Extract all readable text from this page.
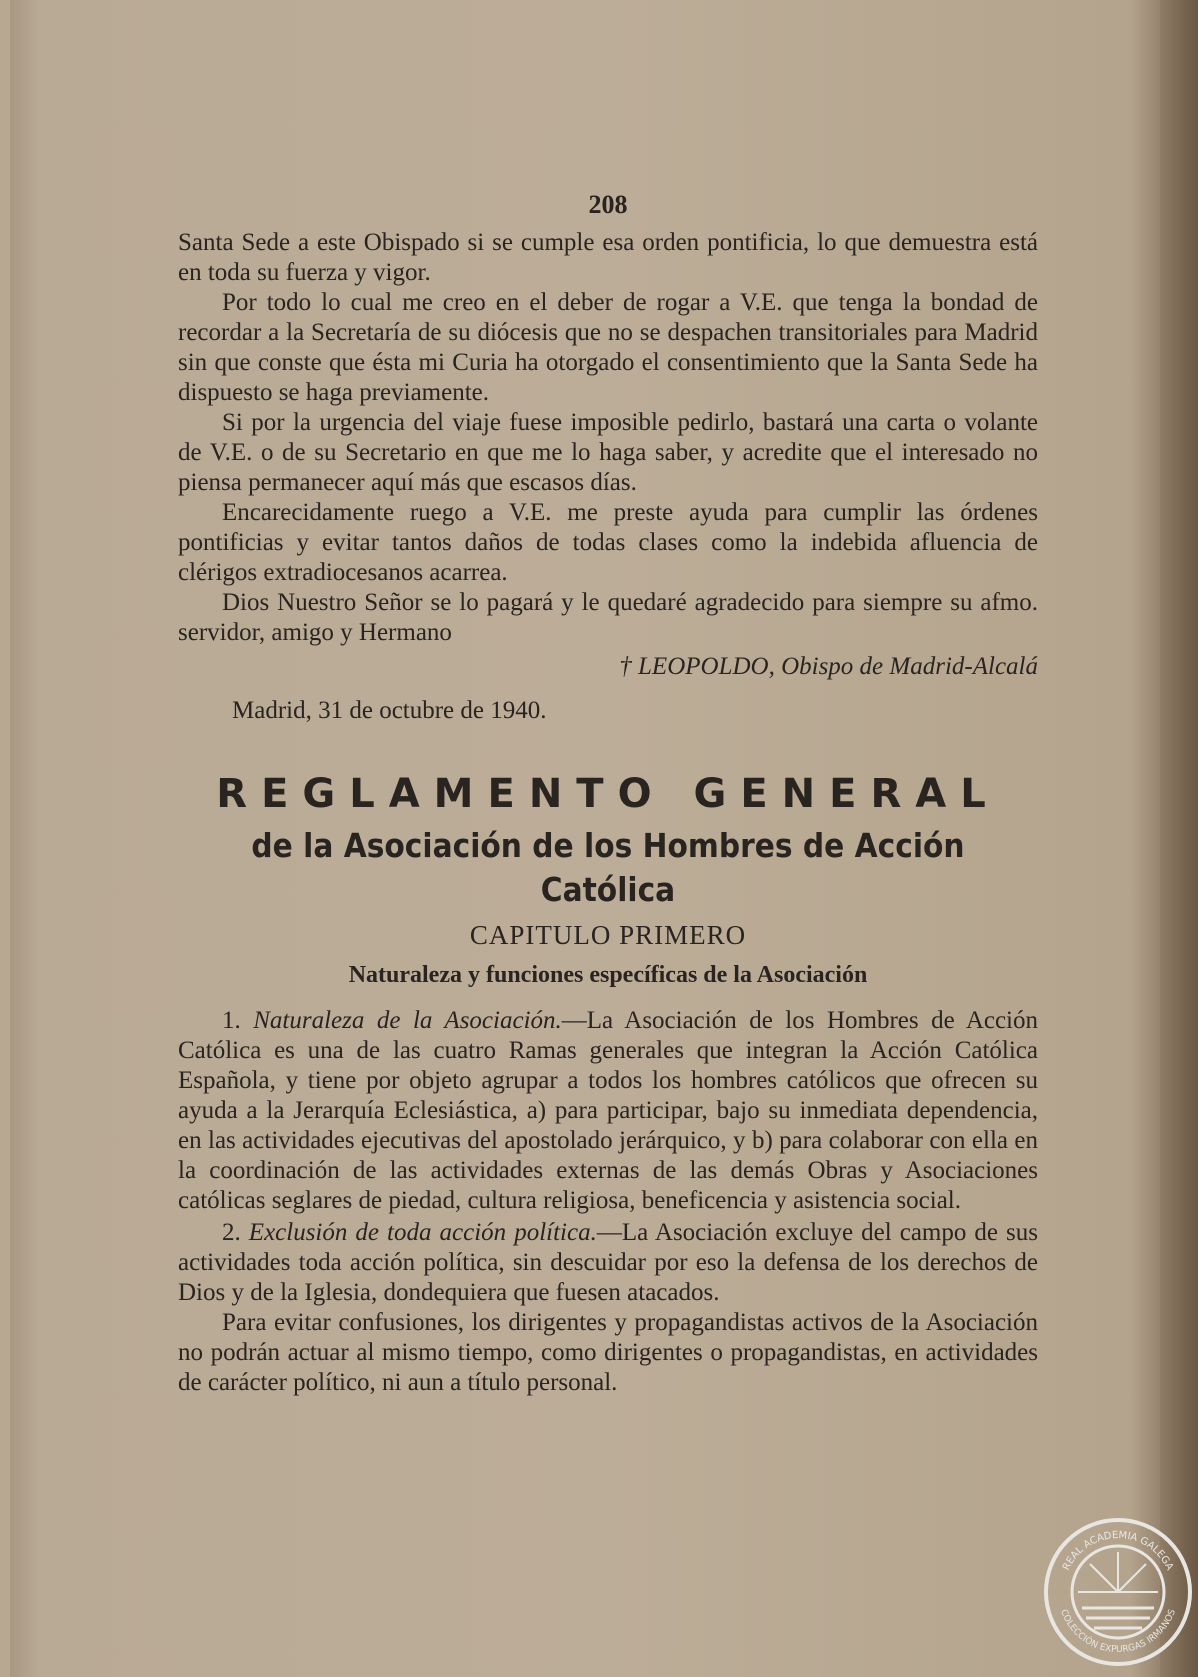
208

Santa Sede a este Obispado si se cumple esa orden pontificia, lo que demuestra está en toda su fuerza y vigor.

Por todo lo cual me creo en el deber de rogar a V.E. que tenga la bondad de recordar a la Secretaría de su diócesis que no se despachen transitoriales para Madrid sin que conste que ésta mi Curia ha otorgado el consentimiento que la Santa Sede ha dispuesto se haga previamente.

Si por la urgencia del viaje fuese imposible pedirlo, bastará una carta o volante de V.E. o de su Secretario en que me lo haga saber, y acredite que el interesado no piensa permanecer aquí más que escasos días.

Encarecidamente ruego a V.E. me preste ayuda para cumplir las órdenes pontificias y evitar tantos daños de todas clases como la indebida afluencia de clérigos extradiocesanos acarrea.

Dios Nuestro Señor se lo pagará y le quedaré agradecido para siempre su afmo. servidor, amigo y Hermano

† LEOPOLDO, Obispo de Madrid-Alcalá
Madrid, 31 de octubre de 1940.
REGLAMENTO GENERAL
de la Asociación de los Hombres de Acción Católica
CAPITULO PRIMERO
Naturaleza y funciones específicas de la Asociación

1. Naturaleza de la Asociación.—La Asociación de los Hombres de Acción Católica es una de las cuatro Ramas generales que integran la Acción Católica Española, y tiene por objeto agrupar a todos los hombres católicos que ofrecen su ayuda a la Jerarquía Eclesiástica, a) para participar, bajo su inmediata dependencia, en las actividades ejecutivas del apostolado jerárquico, y b) para colaborar con ella en la coordinación de las actividades externas de las demás Obras y Asociaciones católicas seglares de piedad, cultura religiosa, beneficencia y asistencia social.

2. Exclusión de toda acción política.—La Asociación excluye del campo de sus actividades toda acción política, sin descuidar por eso la defensa de los derechos de Dios y de la Iglesia, dondequiera que fuesen atacados.

Para evitar confusiones, los dirigentes y propagandistas activos de la Asociación no podrán actuar al mismo tiempo, como dirigentes o propagandistas, en actividades de carácter político, ni aun a título personal.

REAL ACADEMIA GALEGA
COLECCIÓN EXPURGAS IRMANOS
